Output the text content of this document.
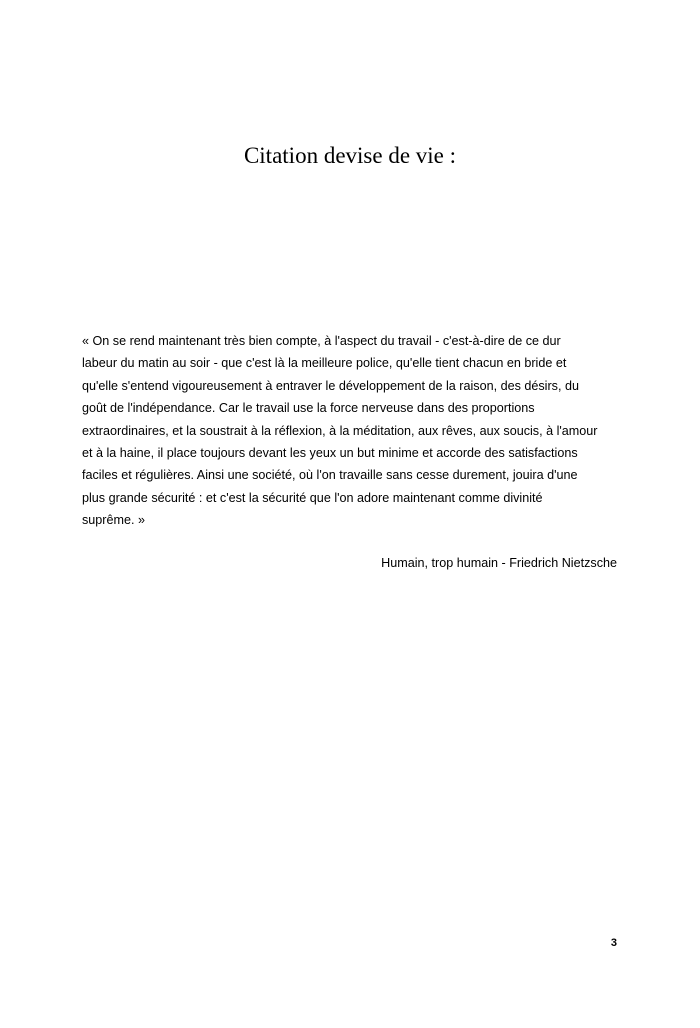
Citation devise de vie :
« On se rend maintenant très bien compte, à l'aspect du travail - c'est-à-dire de ce dur
labeur du matin au soir - que c'est là la meilleure police, qu'elle tient chacun en bride et
qu'elle s'entend vigoureusement à entraver le développement de la raison, des désirs, du
goût de l'indépendance. Car le travail use la force nerveuse dans des proportions
extraordinaires, et la soustrait à la réflexion, à la méditation, aux rêves, aux soucis, à l'amour
et à la haine, il place toujours devant les yeux un but minime et accorde des satisfactions
faciles et régulières. Ainsi une société, où l'on travaille sans cesse durement, jouira d'une
plus grande sécurité : et c'est la sécurité que l'on adore maintenant comme divinité
suprême. »
Humain, trop humain - Friedrich Nietzsche
3
